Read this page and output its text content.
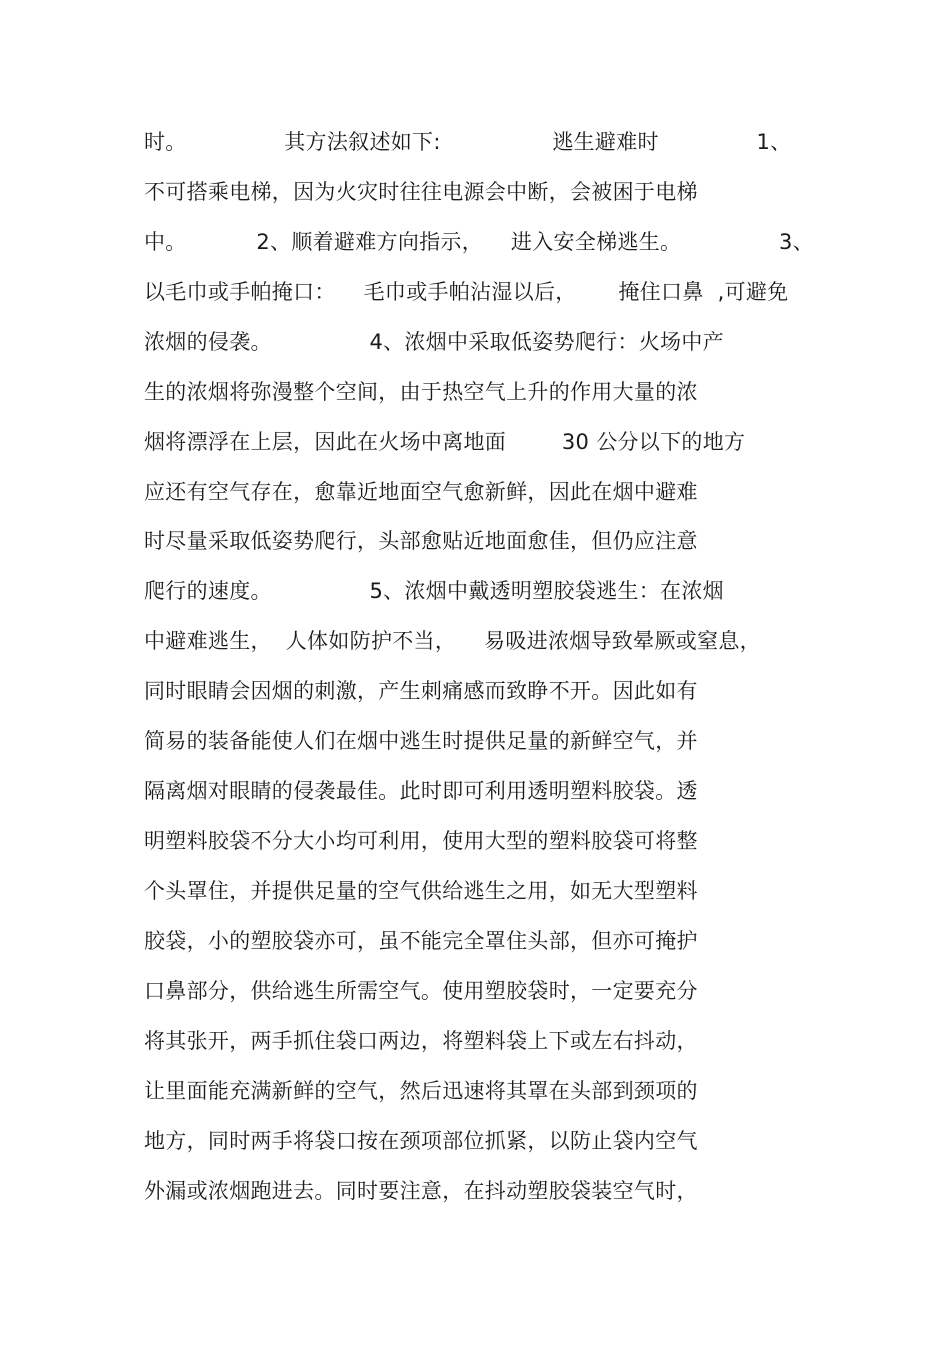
时。              其方法叙述如下:                逃生避难时              1、
不可搭乘电梯，因为火灾时往往电源会中断，会被困于电梯
中。          2、顺着避难方向指示，    进入安全梯逃生。              3、
以毛巾或手帕掩口：    毛巾或手帕沾湿以后，      掩住口鼻  ,可避免
浓烟的侵袭。              4、浓烟中采取低姿势爬行：火场中产
生的浓烟将弥漫整个空间，由于热空气上升的作用大量的浓
烟将漂浮在上层，因此在火场中离地面        30 公分以下的地方
应还有空气存在，愈靠近地面空气愈新鲜，因此在烟中避难
时尽量采取低姿势爬行，头部愈贴近地面愈佳，但仍应注意
爬行的速度。              5、浓烟中戴透明塑胶袋逃生：在浓烟
中避难逃生，  人体如防护不当，    易吸进浓烟导致晕厥或窒息，
同时眼睛会因烟的刺激，产生刺痛感而致睁不开。因此如有
简易的装备能使人们在烟中逃生时提供足量的新鲜空气，并
隔离烟对眼睛的侵袭最佳。此时即可利用透明塑料胶袋。透
明塑料胶袋不分大小均可利用，使用大型的塑料胶袋可将整
个头罩住，并提供足量的空气供给逃生之用，如无大型塑料
胶袋，小的塑胶袋亦可，虽不能完全罩住头部，但亦可掩护
口鼻部分，供给逃生所需空气。使用塑胶袋时，一定要充分
将其张开，两手抓住袋口两边，将塑料袋上下或左右抖动，
让里面能充满新鲜的空气，然后迅速将其罩在头部到颈项的
地方，同时两手将袋口按在颈项部位抓紧，以防止袋内空气
外漏或浓烟跑进去。同时要注意，在抖动塑胶袋装空气时，
